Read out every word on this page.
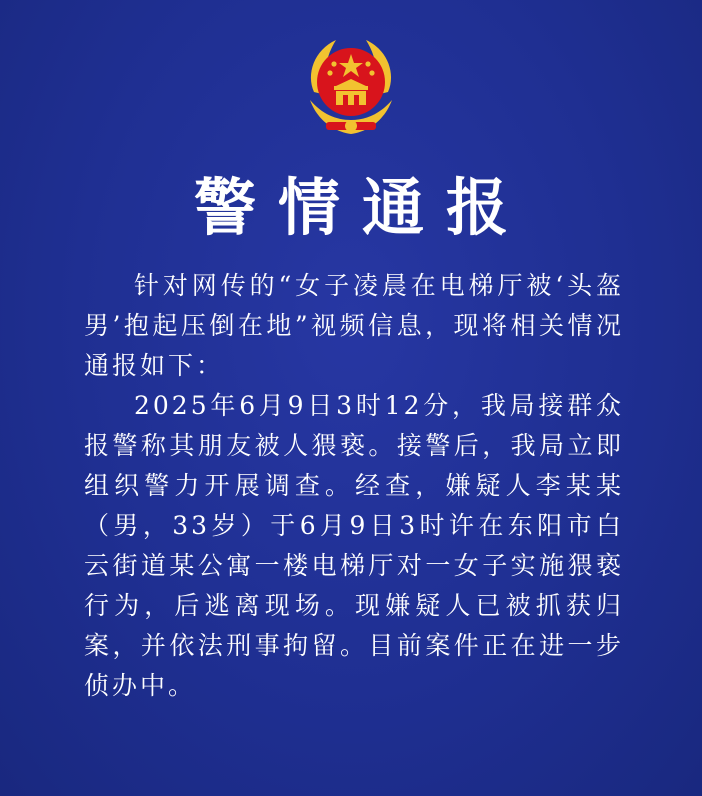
警情通报

针对网传的“女子凌晨在电梯厅被‘头盔男’抱起压倒在地”视频信息，现将相关情况通报如下：

2025年6月9日3时12分，我局接群众报警称其朋友被人猥亵。接警后，我局立即组织警力开展调查。经查，嫌疑人李某某（男，33岁）于6月9日3时许在东阳市白云街道某公寓一楼电梯厅对一女子实施猥亵行为，后逃离现场。现嫌疑人已被抓获归案，并依法刑事拘留。目前案件正在进一步侦办中。
